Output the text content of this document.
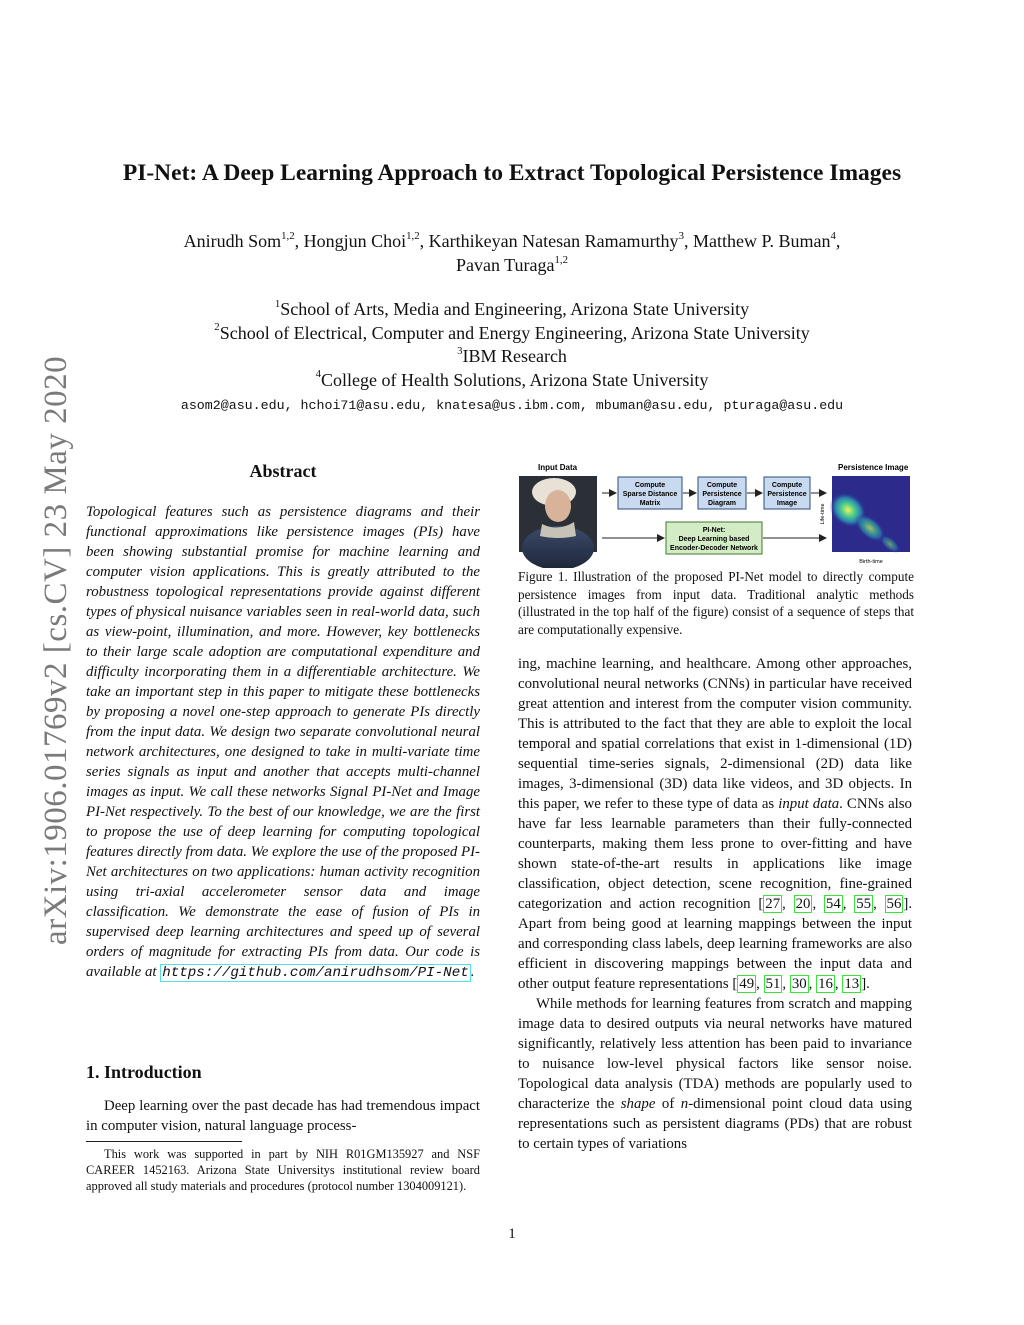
arXiv:1906.01769v2 [cs.CV] 23 May 2020
PI-Net: A Deep Learning Approach to Extract Topological Persistence Images
Anirudh Som$^{1,2}$, Hongjun Choi$^{1,2}$, Karthikeyan Natesan Ramamurthy$^3$, Matthew P. Buman$^4$,
Pavan Turaga$^{1,2}$
$^1$School of Arts, Media and Engineering, Arizona State University
$^2$School of Electrical, Computer and Energy Engineering, Arizona State University
$^3$IBM Research
$^4$College of Health Solutions, Arizona State University
asom2@asu.edu, hchoi71@asu.edu, knatesa@us.ibm.com, mbuman@asu.edu, pturaga@asu.edu
Abstract
Topological features such as persistence diagrams and their functional approximations like persistence images (PIs) have been showing substantial promise for machine learning and computer vision applications. This is greatly attributed to the robustness topological representations provide against different types of physical nuisance variables seen in real-world data, such as view-point, illumination, and more. However, key bottlenecks to their large scale adoption are computational expenditure and difficulty incorporating them in a differentiable architecture. We take an important step in this paper to mitigate these bottlenecks by proposing a novel one-step approach to generate PIs directly from the input data. We design two separate convolutional neural network architectures, one designed to take in multi-variate time series signals as input and another that accepts multi-channel images as input. We call these networks Signal PI-Net and Image PI-Net respectively. To the best of our knowledge, we are the first to propose the use of deep learning for computing topological features directly from data. We explore the use of the proposed PI-Net architectures on two applications: human activity recognition using tri-axial accelerometer sensor data and image classification. We demonstrate the ease of fusion of PIs in supervised deep learning architectures and speed up of several orders of magnitude for extracting PIs from data. Our code is available at https://github.com/anirudhsom/PI-Net .
1. Introduction
Deep learning over the past decade has had tremendous impact in computer vision, natural language process-
This work was supported in part by NIH R01GM135927 and NSF CAREER 1452163. Arizona State Universitys institutional review board approved all study materials and procedures (protocol number 1304009121).
Input Data
Compute
Sparse Distance
Matrix
Compute
Persistence
Diagram
Compute
Persistence
Image
PI-Net:
Deep Learning based
Encoder-Decoder Network
Persistence Image
Life-time
Birth-time
Figure 1. Illustration of the proposed PI-Net model to directly compute persistence images from input data. Traditional analytic methods (illustrated in the top half of the figure) consist of a sequence of steps that are computationally expensive.

ing, machine learning, and healthcare. Among other approaches, convolutional neural networks (CNNs) in particular have received great attention and interest from the computer vision community. This is attributed to the fact that they are able to exploit the local temporal and spatial correlations that exist in 1-dimensional (1D) sequential time-series signals, 2-dimensional (2D) data like images, 3-dimensional (3D) data like videos, and 3D objects. In this paper, we refer to these type of data as input data. CNNs also have far less learnable parameters than their fully-connected counterparts, making them less prone to over-fitting and have shown state-of-the-art results in applications like image classification, object detection, scene recognition, fine-grained categorization and action recognition [ 27 , 20 , 54 , 55 , 56 ]. Apart from being good at learning mappings between the input and corresponding class labels, deep learning frameworks are also efficient in discovering mappings between the input data and other output feature representations [ 49 , 51 , 30 , 16 , 13 ].

While methods for learning features from scratch and mapping image data to desired outputs via neural networks have matured significantly, relatively less attention has been paid to invariance to nuisance low-level physical factors like sensor noise. Topological data analysis (TDA) methods are popularly used to characterize the shape of n-dimensional point cloud data using representations such as persistent diagrams (PDs) that are robust to certain types of variations

1
